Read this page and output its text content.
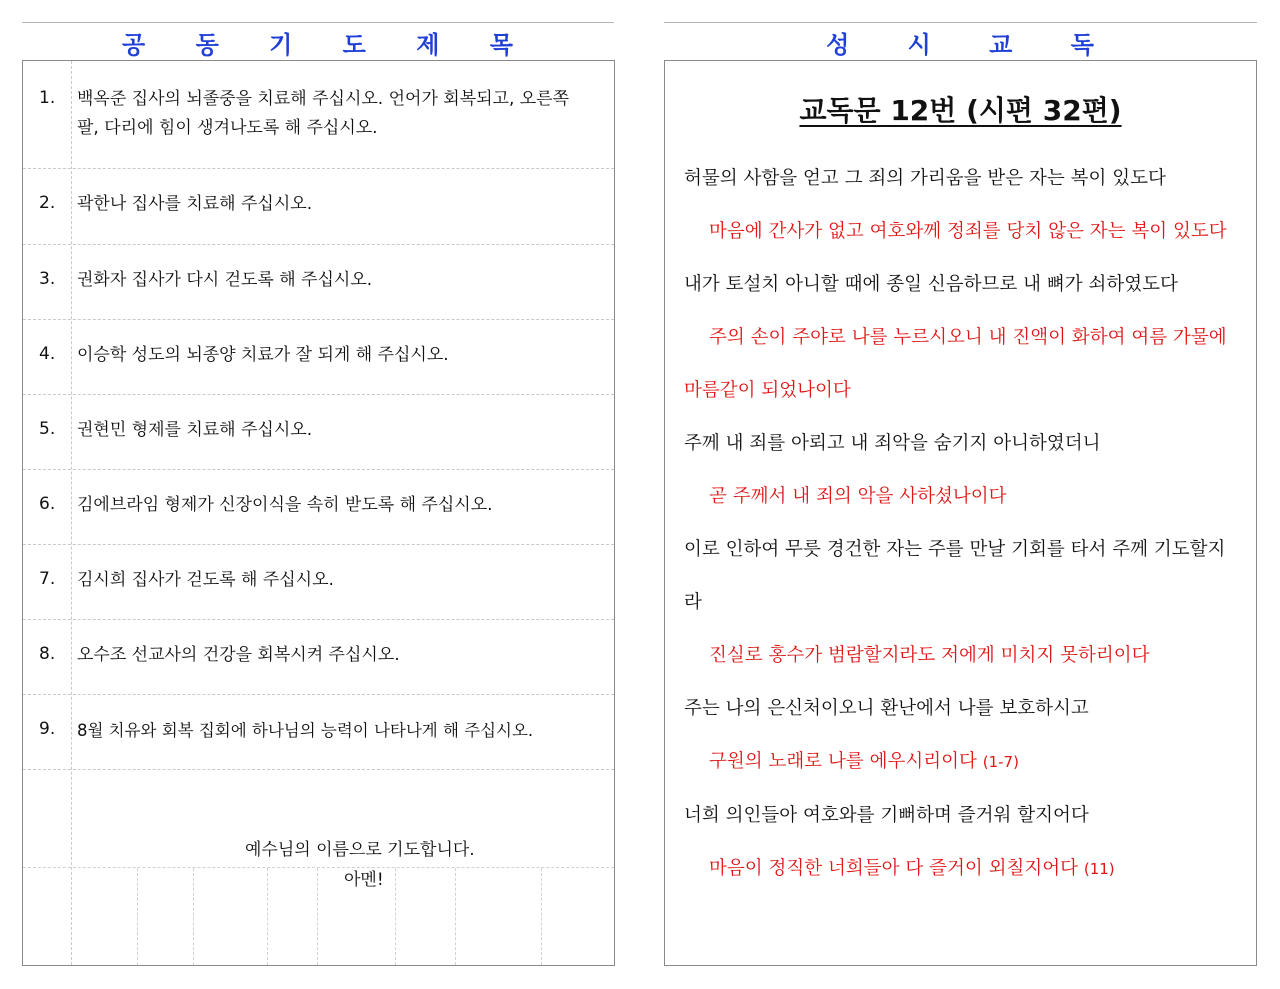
공 동 기 도 제 목
1. 백옥준 집사의 뇌졸중을 치료해 주십시오. 언어가 회복되고, 오른쪽 팔, 다리에 힘이 생겨나도록 해 주십시오.
2. 곽한나 집사를 치료해 주십시오.
3. 권화자 집사가 다시 걷도록 해 주십시오.
4. 이승학 성도의 뇌종양 치료가 잘 되게 해 주십시오.
5. 권현민 형제를 치료해 주십시오.
6. 김에브라임 형제가 신장이식을 속히 받도록 해 주십시오.
7. 김시희 집사가 걷도록 해 주십시오.
8. 오수조 선교사의 건강을 회복시켜 주십시오.
9. 8월 치유와 회복 집회에 하나님의 능력이 나타나게 해 주십시오.
예수님의 이름으로 기도합니다.
아멘!
성 시 교 독
교독문 12번 (시편 32편)
허물의 사함을 얻고 그 죄의 가리움을 받은 자는 복이 있도다
마음에 간사가 없고 여호와께 정죄를 당치 않은 자는 복이 있도다
내가 토설치 아니할 때에 종일 신음하므로 내 뼈가 쇠하였도다
주의 손이 주야로 나를 누르시오니 내 진액이 화하여 여름 가물에 마름같이 되었나이다
주께 내 죄를 아뢰고 내 죄악을 숨기지 아니하였더니
곧 주께서 내 죄의 악을 사하셨나이다
이로 인하여 무릇 경건한 자는 주를 만날 기회를 타서 주께 기도할지라
진실로 홍수가 범람할지라도 저에게 미치지 못하리이다
주는 나의 은신처이오니 환난에서 나를 보호하시고
구원의 노래로 나를 에우시리이다 (1-7)
너희 의인들아 여호와를 기뻐하며 즐거워 할지어다
마음이 정직한 너희들아 다 즐거이 외칠지어다 (11)
